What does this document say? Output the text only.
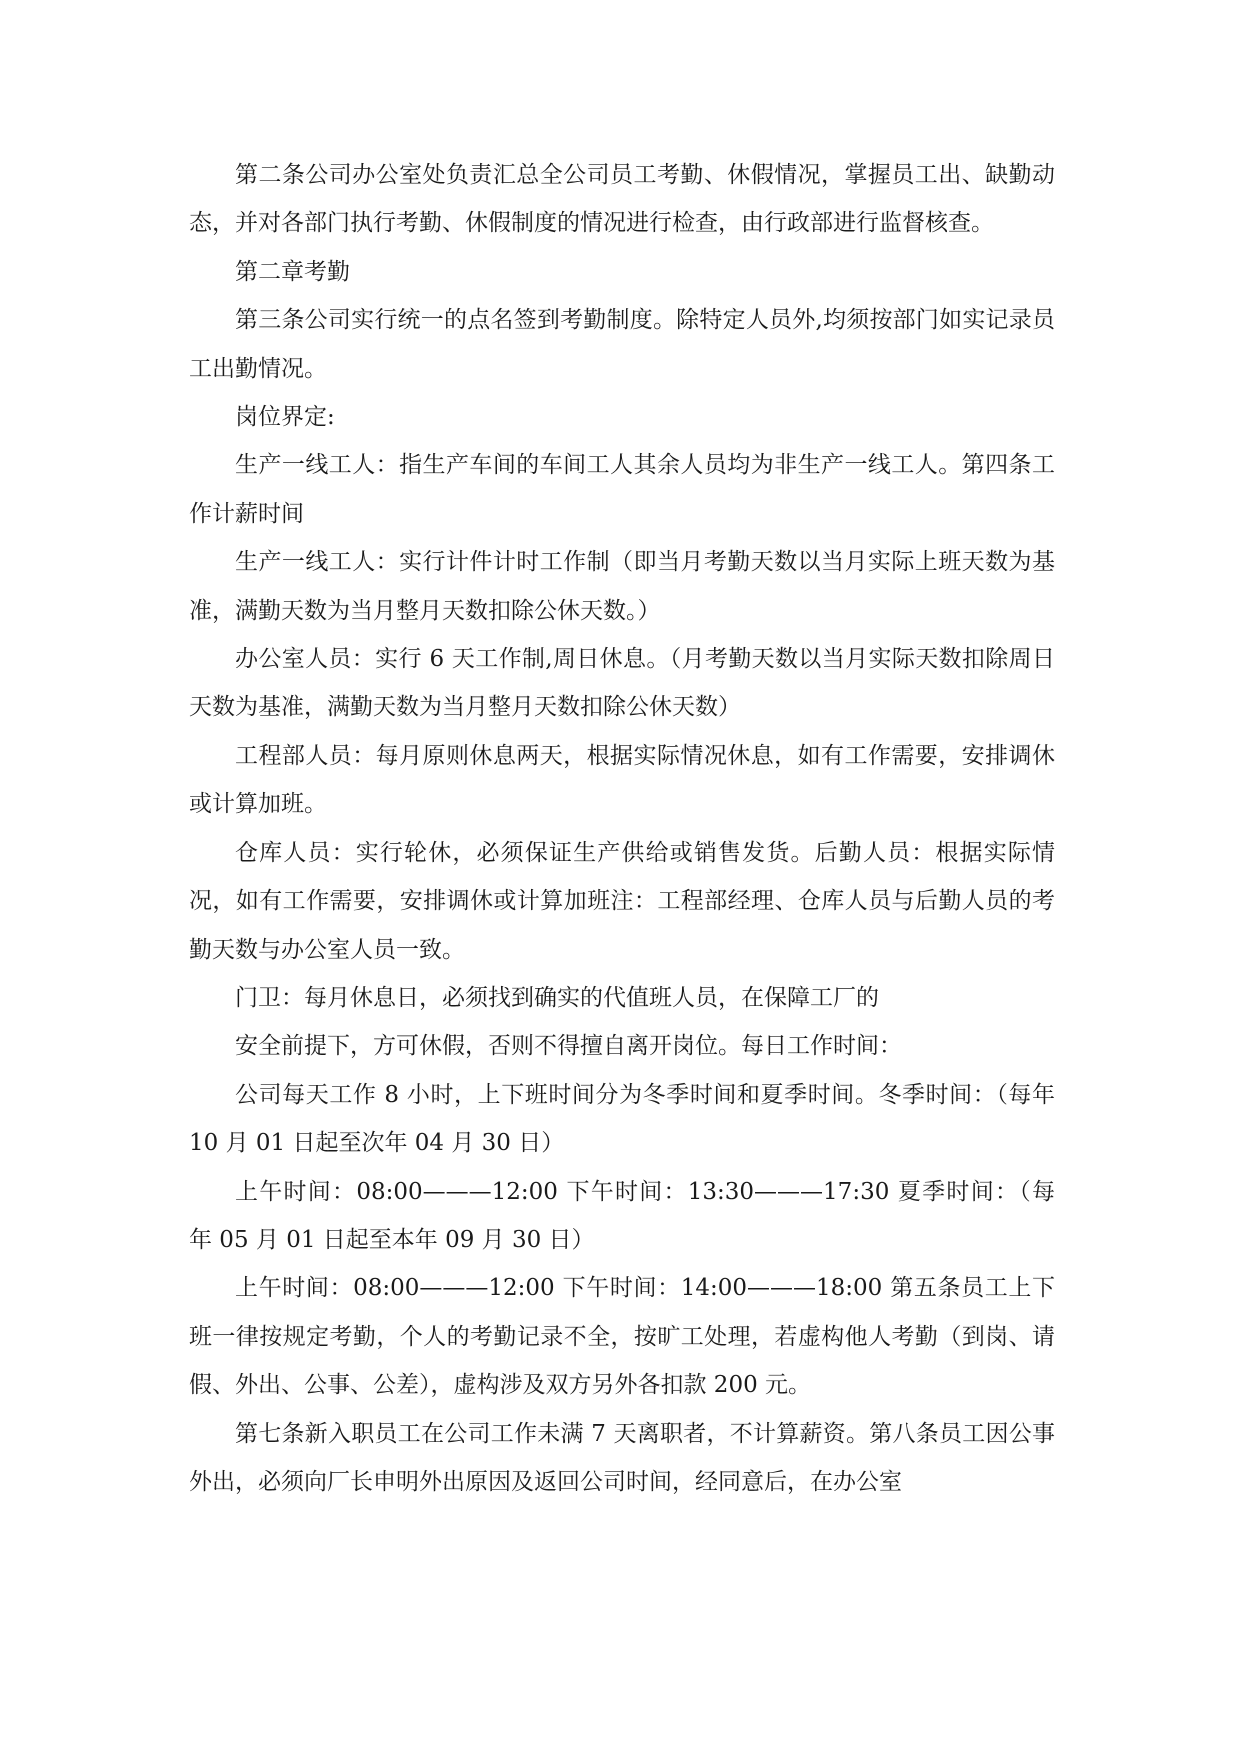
第二条公司办公室处负责汇总全公司员工考勤、休假情况，掌握员工出、缺勤动态，并对各部门执行考勤、休假制度的情况进行检查，由行政部进行监督核查。

第二章考勤

第三条公司实行统一的点名签到考勤制度。除特定人员外,均须按部门如实记录员工出勤情况。

岗位界定:

生产一线工人：指生产车间的车间工人其余人员均为非生产一线工人。第四条工作计薪时间

生产一线工人：实行计件计时工作制（即当月考勤天数以当月实际上班天数为基准，满勤天数为当月整月天数扣除公休天数。）

办公室人员：实行 6 天工作制,周日休息。（月考勤天数以当月实际天数扣除周日天数为基准，满勤天数为当月整月天数扣除公休天数）

工程部人员：每月原则休息两天，根据实际情况休息，如有工作需要，安排调休或计算加班。

仓库人员：实行轮休，必须保证生产供给或销售发货。后勤人员：根据实际情况，如有工作需要，安排调休或计算加班注：工程部经理、仓库人员与后勤人员的考勤天数与办公室人员一致。

门卫：每月休息日，必须找到确实的代值班人员，在保障工厂的

安全前提下，方可休假，否则不得擅自离开岗位。每日工作时间：

公司每天工作 8 小时，上下班时间分为冬季时间和夏季时间。冬季时间：（每年 10 月 01 日起至次年 04 月 30 日）

上午时间：08:00———12:00 下午时间：13:30———17:30 夏季时间：（每年 05 月 01 日起至本年 09 月 30 日）

上午时间：08:00———12:00 下午时间：14:00———18:00 第五条员工上下班一律按规定考勤，个人的考勤记录不全，按旷工处理，若虚构他人考勤（到岗、请假、外出、公事、公差），虚构涉及双方另外各扣款 200 元。

第七条新入职员工在公司工作未满 7 天离职者，不计算薪资。第八条员工因公事外出，必须向厂长申明外出原因及返回公司时间，经同意后，在办公室
